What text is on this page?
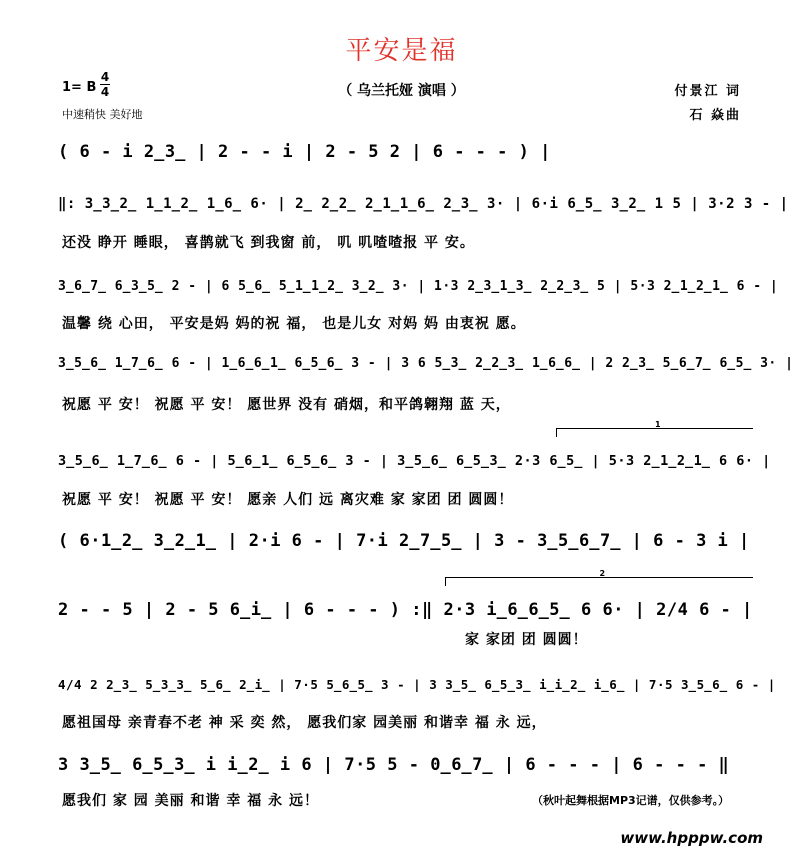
平安是福
（ 乌兰托娅 演唱 ）
1= B
4
4
中速稍快 美好地
付景江 词
石 焱曲
( 6 - i 2̲3̲ | 2 - - i | 2 - 5 2 | 6 - - - ) |
‖: 3̲3̲2̲ 1̲1̲2̲ 1̲6̲ 6· | 2̲ 2̲2̲ 2̲1̲1̲6̲ 2̲3̲ 3· | 6·i 6̲5̲ 3̲2̲ 1 5 | 3·2 3 - |
还没 睁开 睡眼， 喜鹊就飞 到我窗 前， 叽 叽喳喳报 平 安。
3̲6̲7̲ 6̲3̲5̲ 2 - | 6 5̲6̲ 5̲1̲1̲2̲ 3̲2̲ 3· | 1·3 2̲3̲1̲3̲ 2̲2̲3̲ 5 | 5·3 2̲1̲2̲1̲ 6 - |
温馨 绕 心田， 平安是妈 妈的祝 福， 也是儿女 对妈 妈 由衷祝 愿。
3̲5̲6̲ 1̲7̲6̲ 6 - | 1̲6̲6̲1̲ 6̲5̲6̲ 3 - | 3 6 5̲3̲ 2̲2̲3̲ 1̲6̲6̲ | 2 2̲3̲ 5̲6̲7̲ 6̲5̲ 3· |
祝愿 平 安！ 祝愿 平 安！ 愿世界 没有 硝烟，和平鸽翱翔 蓝 天，
1
3̲5̲6̲ 1̲7̲6̲ 6 - | 5̲6̲1̲ 6̲5̲6̲ 3 - | 3̲5̲6̲ 6̲5̲3̲ 2·3 6̲5̲ | 5·3 2̲1̲2̲1̲ 6 6· |
祝愿 平 安！ 祝愿 平 安！ 愿亲 人们 远 离灾难 家 家团 团 圆圆！
( 6·1̲2̲ 3̲2̲1̲ | 2·i 6 - | 7·i 2̲7̲5̲ | 3 - 3̲5̲6̲7̲ | 6 - 3 i |
2
2 - - 5 | 2 - 5 6̲i̲ | 6 - - - ) :‖ 2·3 i̲6̲6̲5̲ 6 6· | 2/4 6 - |
家 家团 团 圆圆！
4/4 2 2̲3̲ 5̲3̲3̲ 5̲6̲ 2̲i̲ | 7·5 5̲6̲5̲ 3 - | 3 3̲5̲ 6̲5̲3̲ i̲i̲2̲ i̲6̲ | 7·5 3̲5̲6̲ 6 - |
愿祖国母 亲青春不老 神 采 奕 然， 愿我们家 园美丽 和谐幸 福 永 远，
3 3̲5̲ 6̲5̲3̲ i i̲2̲ i 6 | 7·5 5 - 0̲6̲7̲ | 6 - - - | 6 - - - ‖
愿我们 家 园 美丽 和谐 幸 福 永 远！	（秋叶起舞根据MP3记谱，仅供参考。）
www.hpppw.com
